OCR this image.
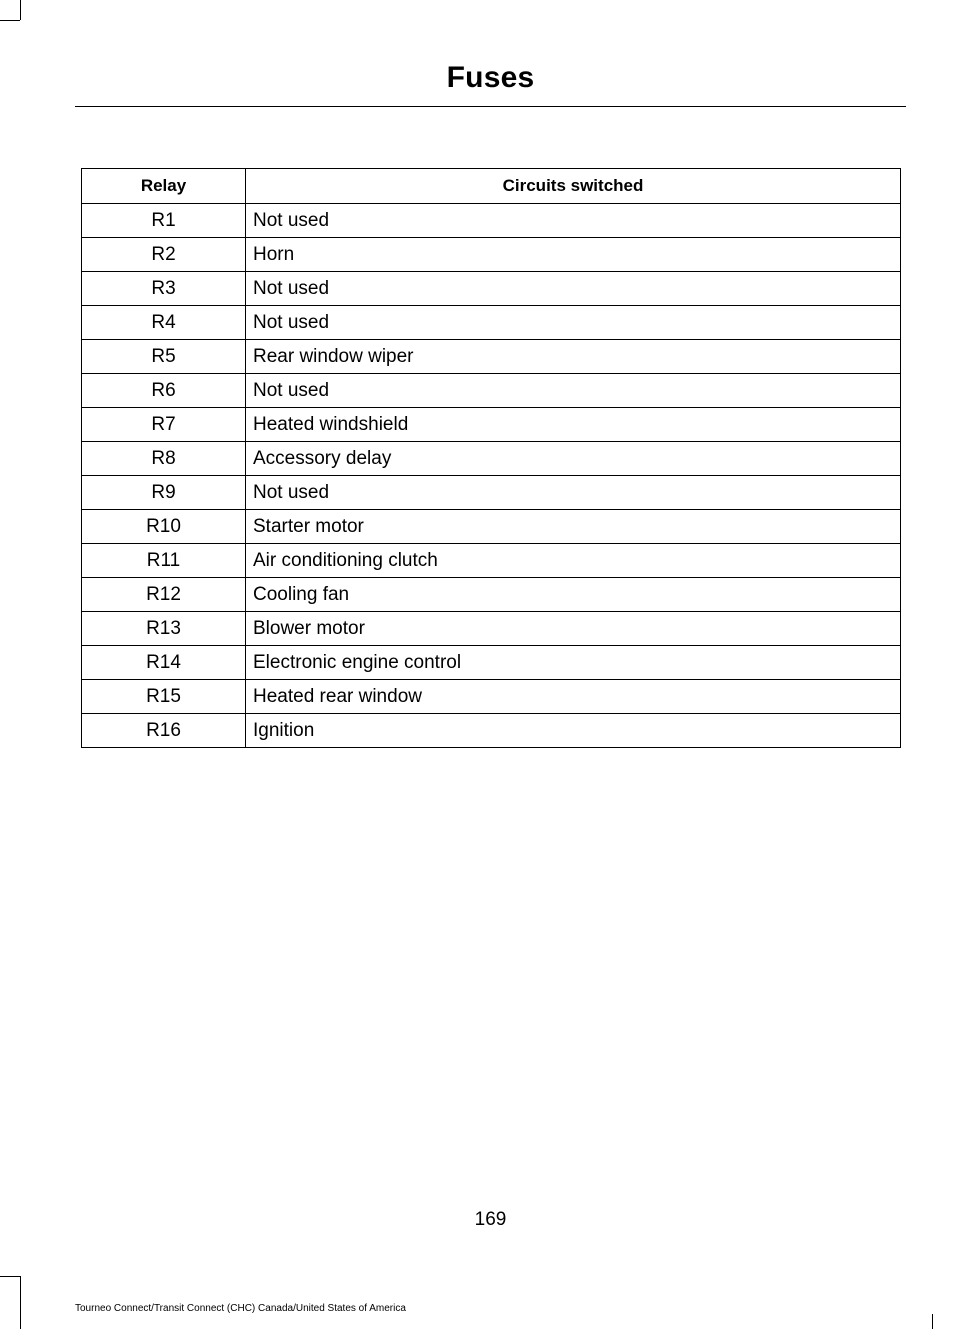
Fuses
Relay	Circuits switched
R1	Not used
R2	Horn
R3	Not used
R4	Not used
R5	Rear window wiper
R6	Not used
R7	Heated windshield
R8	Accessory delay
R9	Not used
R10	Starter motor
R11	Air conditioning clutch
R12	Cooling fan
R13	Blower motor
R14	Electronic engine control
R15	Heated rear window
R16	Ignition
169
Tourneo Connect/Transit Connect (CHC) Canada/United States of America
